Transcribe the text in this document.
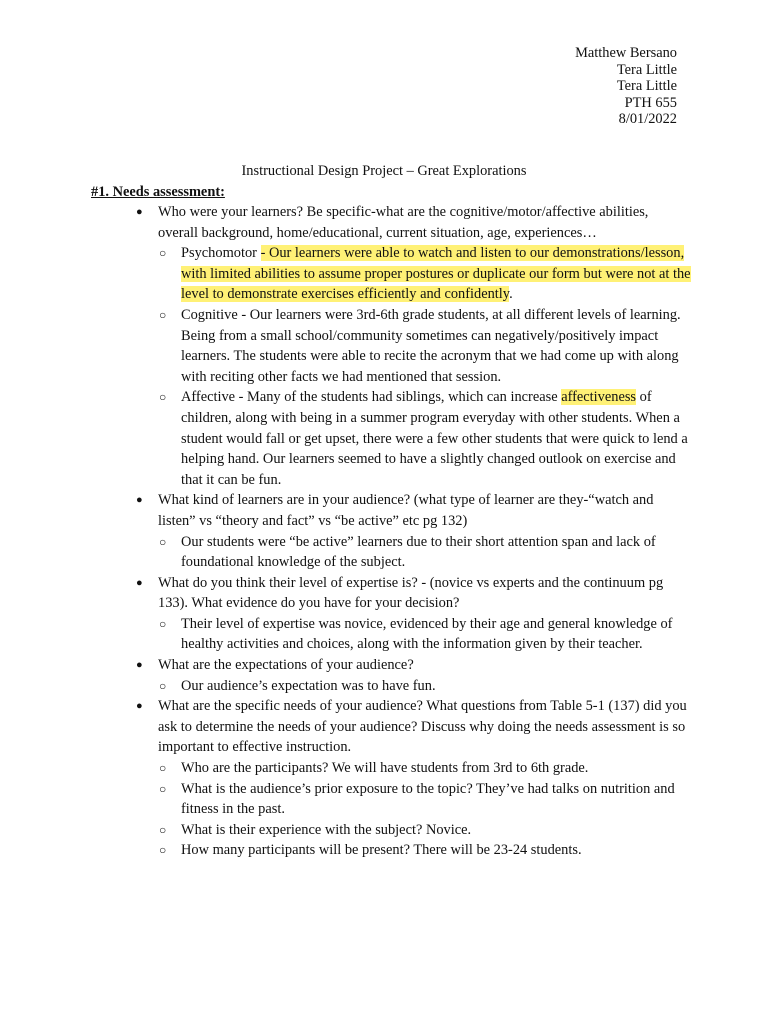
Matthew Bersano
Tera Little
Tera Little
PTH 655
8/01/2022
Instructional Design Project – Great Explorations
#1. Needs assessment:
● Who were your learners? Be specific-what are the cognitive/motor/affective abilities, overall background, home/educational, current situation, age, experiences…
○ Psychomotor - Our learners were able to watch and listen to our demonstrations/lesson, with limited abilities to assume proper postures or duplicate our form but were not at the level to demonstrate exercises efficiently and confidently.
○ Cognitive - Our learners were 3rd-6th grade students, at all different levels of learning. Being from a small school/community sometimes can negatively/positively impact learners. The students were able to recite the acronym that we had come up with along with reciting other facts we had mentioned that session.
○ Affective - Many of the students had siblings, which can increase affectiveness of children, along with being in a summer program everyday with other students. When a student would fall or get upset, there were a few other students that were quick to lend a helping hand. Our learners seemed to have a slightly changed outlook on exercise and that it can be fun.
● What kind of learners are in your audience? (what type of learner are they-“watch and listen” vs “theory and fact” vs “be active” etc pg 132)
○ Our students were “be active” learners due to their short attention span and lack of foundational knowledge of the subject.
● What do you think their level of expertise is? - (novice vs experts and the continuum pg 133). What evidence do you have for your decision?
○ Their level of expertise was novice, evidenced by their age and general knowledge of healthy activities and choices, along with the information given by their teacher.
● What are the expectations of your audience?
○ Our audience’s expectation was to have fun.
● What are the specific needs of your audience? What questions from Table 5-1 (137) did you ask to determine the needs of your audience? Discuss why doing the needs assessment is so important to effective instruction.
○ Who are the participants? We will have students from 3rd to 6th grade.
○ What is the audience’s prior exposure to the topic? They’ve had talks on nutrition and fitness in the past.
○ What is their experience with the subject? Novice.
○ How many participants will be present? There will be 23-24 students.
